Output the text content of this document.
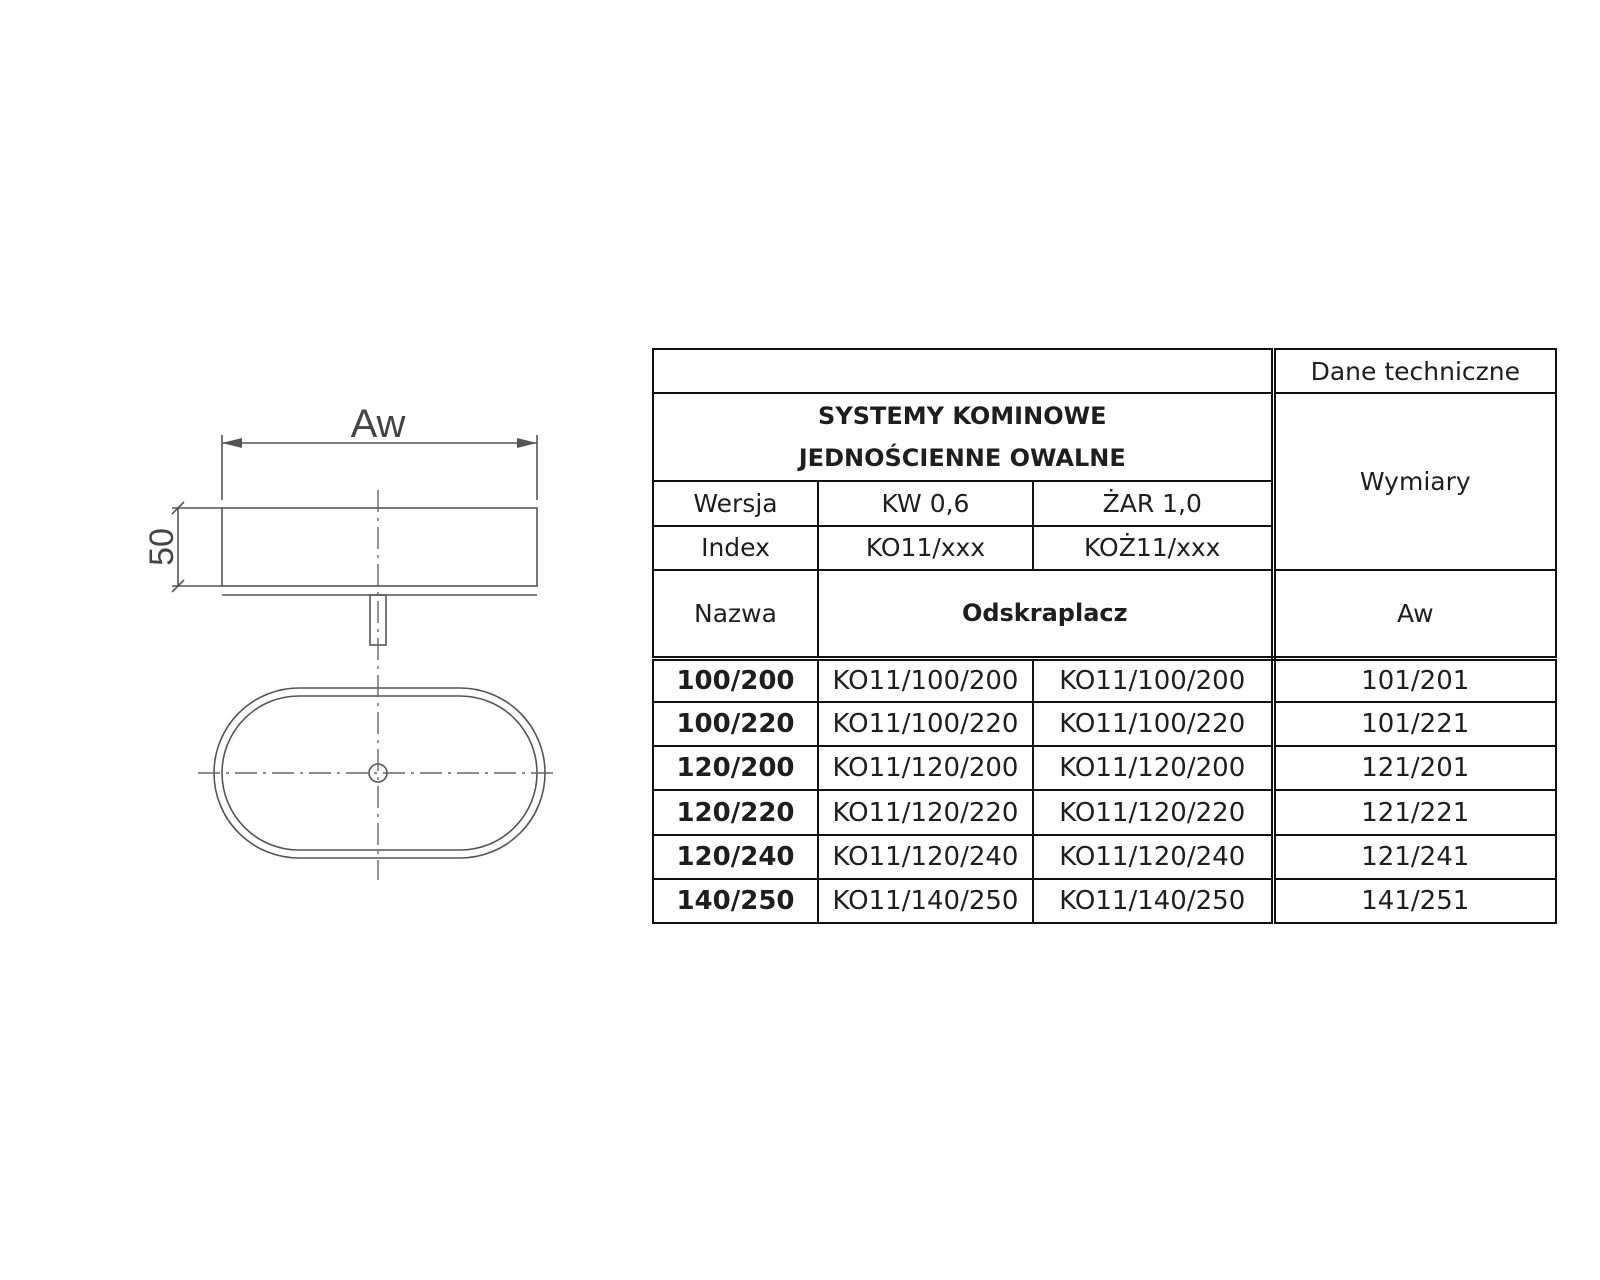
Aw
50
			Dane techniczne

SYSTEMY KOMINOWE
JEDNOŚCIENNE OWALNE			Wymiary
Wersja	KW 0,6	ŻAR 1,0	
Index	KO11/xxx	KOŻ11/xxx	
Nazwa	Odskraplacz		Aw
100/200	KO11/100/200	KO11/100/200	101/201
100/220	KO11/100/220	KO11/100/220	101/221
120/200	KO11/120/200	KO11/120/200	121/201
120/220	KO11/120/220	KO11/120/220	121/221
120/240	KO11/120/240	KO11/120/240	121/241
140/250	KO11/140/250	KO11/140/250	141/251
